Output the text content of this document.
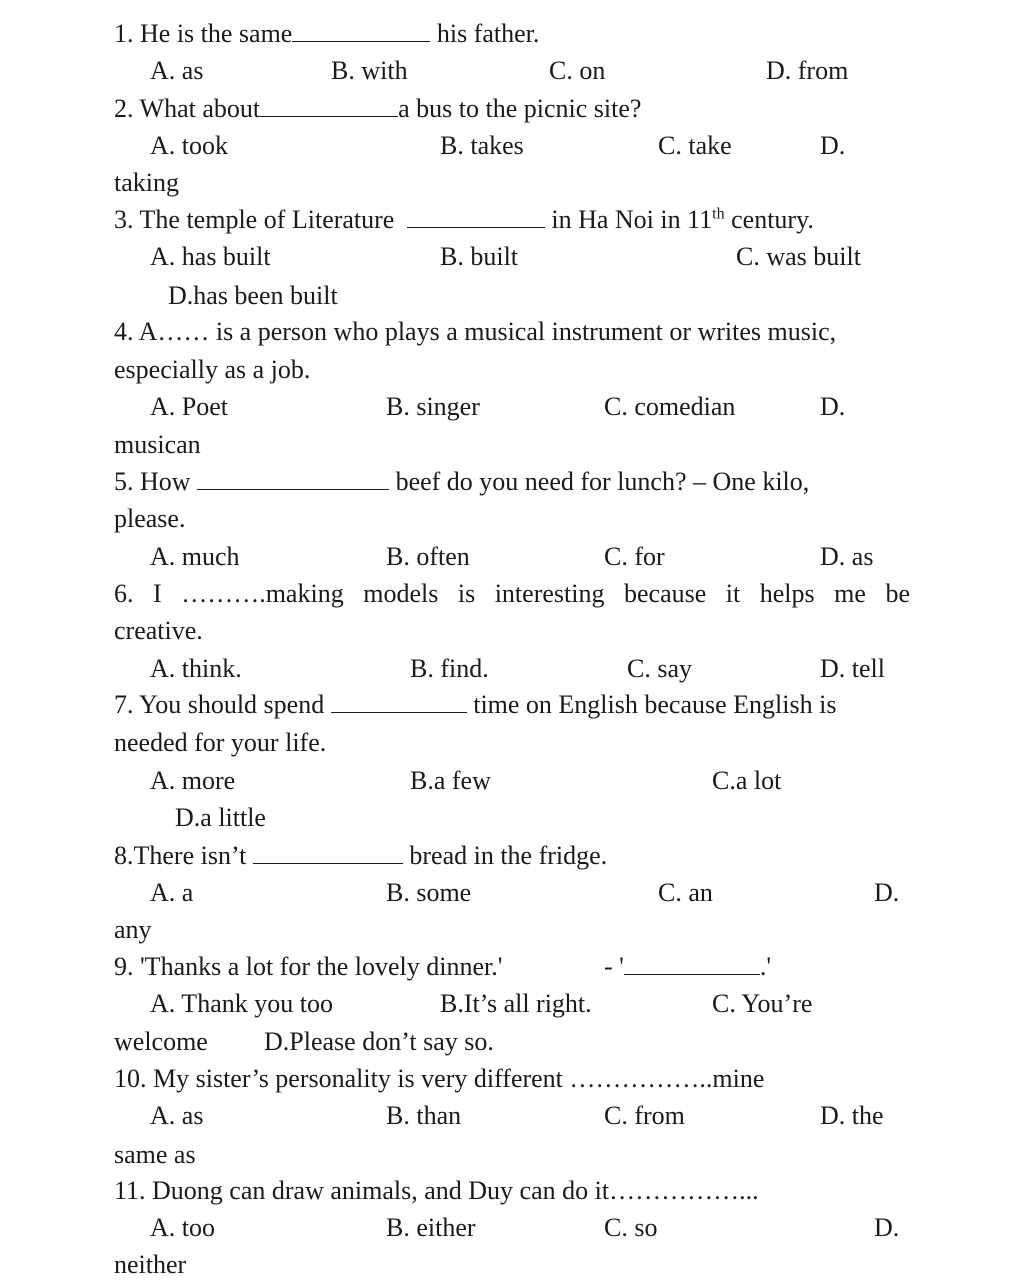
1. He is the same	his father.
A. as	B. with	C. on	D. from
2. What about	a bus to the picnic site?
A. took	B. takes	C. take	D.
taking
3. The temple of Literature	in Ha Noi in 11th century.
A. has built	B. built	C. was built
D.has been built
4. A…… is a person who plays a musical instrument or writes music,
especially as a job.
A. Poet	B. singer	C. comedian	D.
musican
5. How	beef do you need for lunch? – One kilo,
please.
A. much	B. often	C. for	D. as
6. I ……….making models is interesting because it helps me be
creative.
A. think.	B. find.	C. say	D. tell
7. You should spend	time on English because English is
needed for your life.
A. more	B.a few	C.a lot
D.a little
8.There isn’t	bread in the fridge.
A. a	B. some	C. an	D.
any
9. 'Thanks a lot for the lovely dinner.'	- '	.'
A. Thank you too	B.It’s all right.	C. You’re
welcome D.Please don’t say so.
10. My sister’s personality is very different ……………..mine
A. as	B. than	C. from	D. the
same as
11. Duong can draw animals, and Duy can do it……………...
A. too	B. either	C. so	D.
neither
